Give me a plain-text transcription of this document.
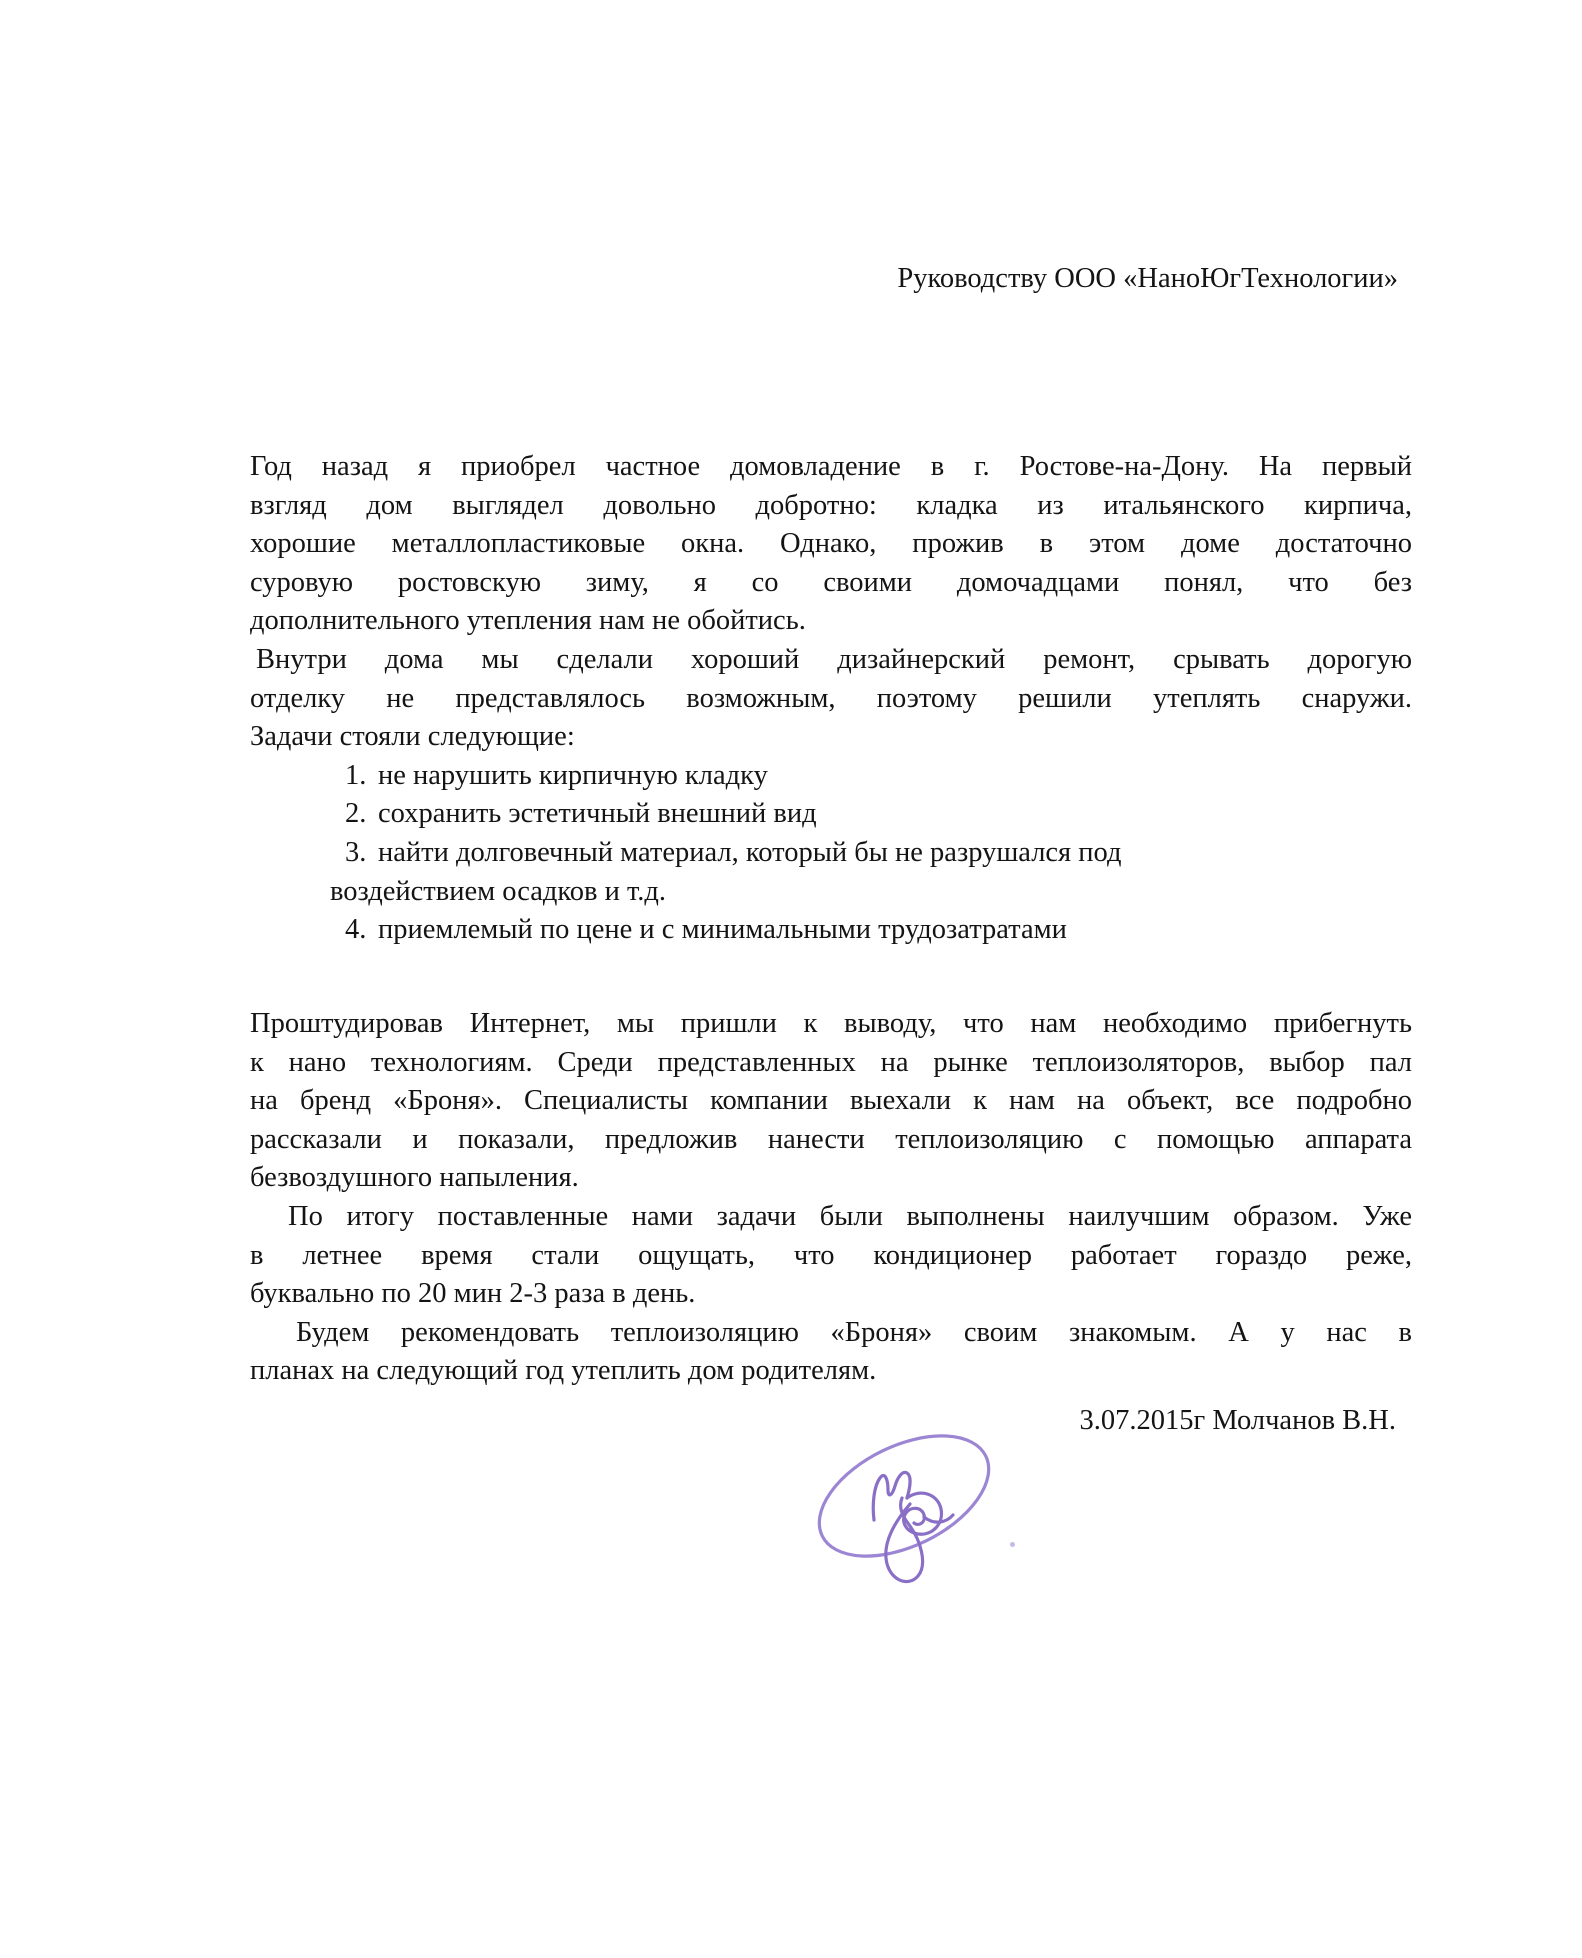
Руководству ООО «НаноЮгТехнологии»
Год назад я приобрел частное домовладение в г. Ростове-на-Дону. На первый
взгляд дом выглядел довольно добротно: кладка из итальянского кирпича,
хорошие металлопластиковые окна. Однако, прожив в этом доме достаточно
суровую ростовскую зиму, я со своими домочадцами понял, что без
дополнительного утепления нам не обойтись.
Внутри дома мы сделали хороший дизайнерский ремонт, срывать дорогую
отделку не представлялось возможным, поэтому решили утеплять снаружи.
Задачи стояли следующие:
1. не нарушить кирпичную кладку
2. сохранить эстетичный внешний вид
3. найти долговечный материал, который бы не разрушался под
воздействием осадков и т.д.
4. приемлемый по цене и с минимальными трудозатратами
Проштудировав Интернет, мы пришли к выводу, что нам необходимо прибегнуть
к нано технологиям. Среди представленных на рынке теплоизоляторов, выбор пал
на бренд «Броня». Специалисты компании выехали к нам на объект, все подробно
рассказали и показали, предложив нанести теплоизоляцию с помощью аппарата
безвоздушного напыления.
По итогу поставленные нами задачи были выполнены наилучшим образом. Уже
в летнее время стали ощущать, что кондиционер работает гораздо реже,
буквально по 20 мин 2-3 раза в день.
Будем рекомендовать теплоизоляцию «Броня» своим знакомым. А у нас в
планах на следующий год утеплить дом родителям.
3.07.2015г Молчанов В.Н.
